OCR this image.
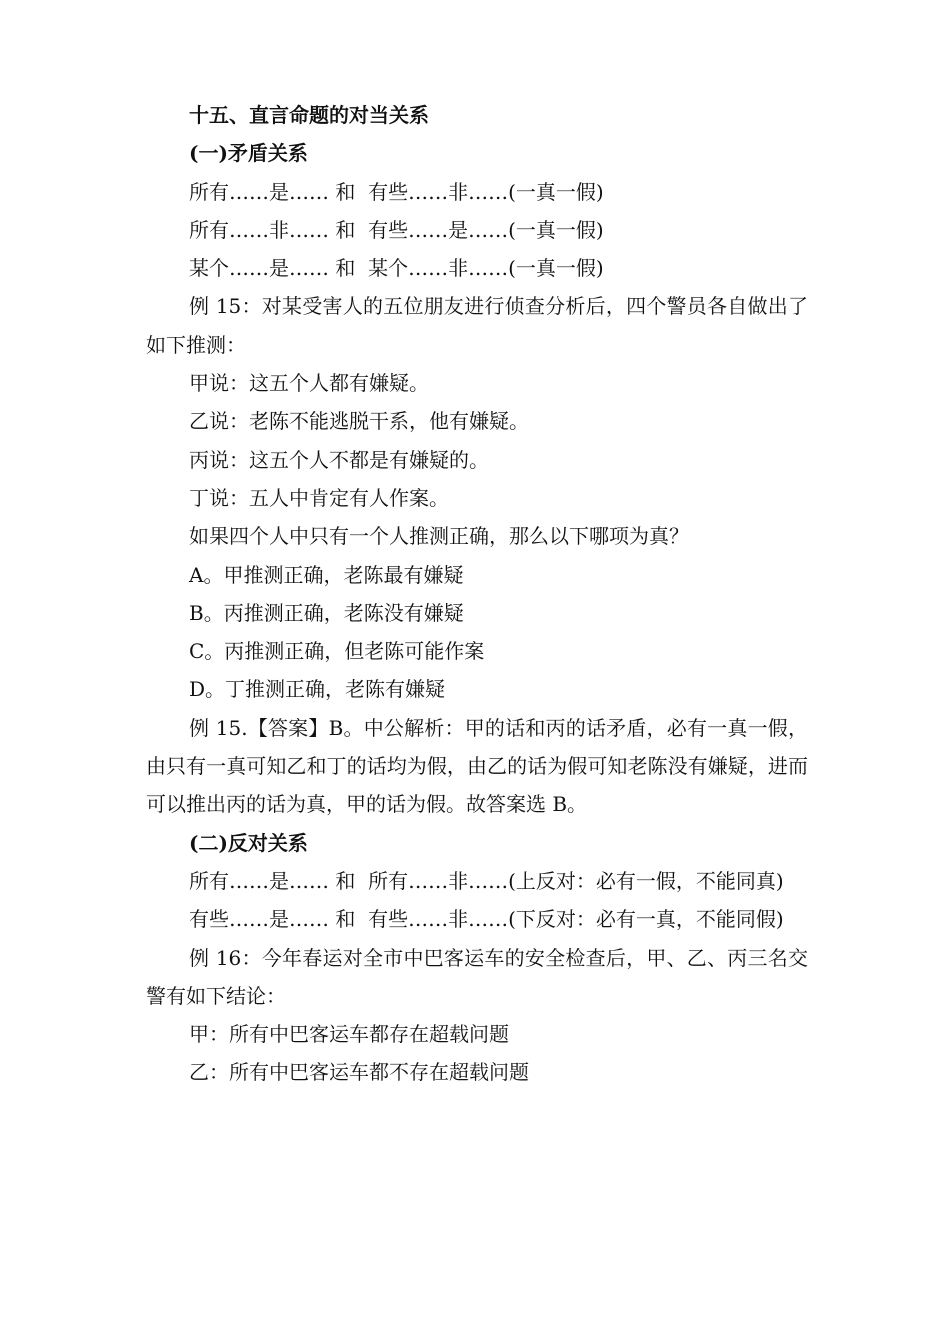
十五、直言命题的对当关系

(一)矛盾关系

所有……是…… 和  有些……非……(一真一假)

所有……非…… 和  有些……是……(一真一假)

某个……是…… 和  某个……非……(一真一假)

例 15：对某受害人的五位朋友进行侦查分析后，四个警员各自做出了如下推测：

甲说：这五个人都有嫌疑。

乙说：老陈不能逃脱干系，他有嫌疑。

丙说：这五个人不都是有嫌疑的。

丁说：五人中肯定有人作案。

如果四个人中只有一个人推测正确，那么以下哪项为真？

A。甲推测正确，老陈最有嫌疑

B。丙推测正确，老陈没有嫌疑

C。丙推测正确，但老陈可能作案

D。丁推测正确，老陈有嫌疑

例 15.【答案】B。中公解析：甲的话和丙的话矛盾，必有一真一假，由只有一真可知乙和丁的话均为假，由乙的话为假可知老陈没有嫌疑，进而可以推出丙的话为真，甲的话为假。故答案选 B。

(二)反对关系

所有……是…… 和  所有……非……(上反对：必有一假，不能同真)

有些……是…… 和  有些……非……(下反对：必有一真，不能同假)

例 16：今年春运对全市中巴客运车的安全检查后，甲、乙、丙三名交警有如下结论：

甲：所有中巴客运车都存在超载问题

乙：所有中巴客运车都不存在超载问题
